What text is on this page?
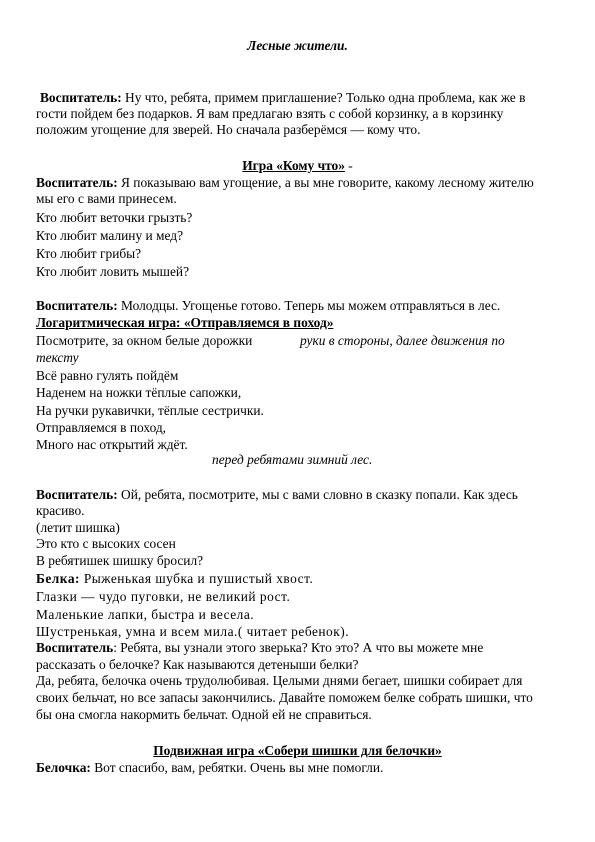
Лесные жители.
Воспитатель: Ну что, ребята, примем приглашение? Только одна проблема, как же в
гости пойдем без подарков. Я вам предлагаю взять с собой корзинку, а в корзинку
положим угощение для зверей. Но сначала разберёмся — кому что.
Игра «Кому что» -
Воспитатель: Я показываю вам угощение, а вы мне говорите, какому лесному жителю
мы его с вами принесем.
Кто любит веточки грызть?
Кто любит малину и мед?
Кто любит грибы?
Кто любит ловить мышей?
Воспитатель: Молодцы. Угощенье готово. Теперь мы можем отправляться в лес.
Логаритмическая игра: «Отправляемся в поход»
Посмотрите, за окном белые дорожки	руки в стороны, далее движения по
тексту
Всё равно гулять пойдём
Наденем на ножки тёплые сапожки,
На ручки рукавички, тёплые сестрички.
Отправляемся в поход,
Много нас открытий ждёт.
перед ребятами зимний лес.
Воспитатель: Ой, ребята, посмотрите, мы с вами словно в сказку попали. Как здесь
красиво.
(летит шишка)
Это кто с высоких сосен
В ребятишек шишку бросил?
Белка: Рыженькая шубка и пушистый хвост.
Глазки — чудо пуговки, не великий рост.
Маленькие лапки, быстра и весела.
Шустренькая, умна и всем мила.( читает ребенок).
Воспитатель: Ребята, вы узнали этого зверька? Кто это? А что вы можете мне
рассказать о белочке? Как называются детеныши белки?
Да, ребята, белочка очень трудолюбивая. Целыми днями бегает, шишки собирает для
своих бельчат, но все запасы закончились. Давайте поможем белке собрать шишки, что
бы она смогла накормить бельчат. Одной ей не справиться.
Подвижная игра «Собери шишки для белочки»
Белочка: Вот спасибо, вам, ребятки. Очень вы мне помогли.
